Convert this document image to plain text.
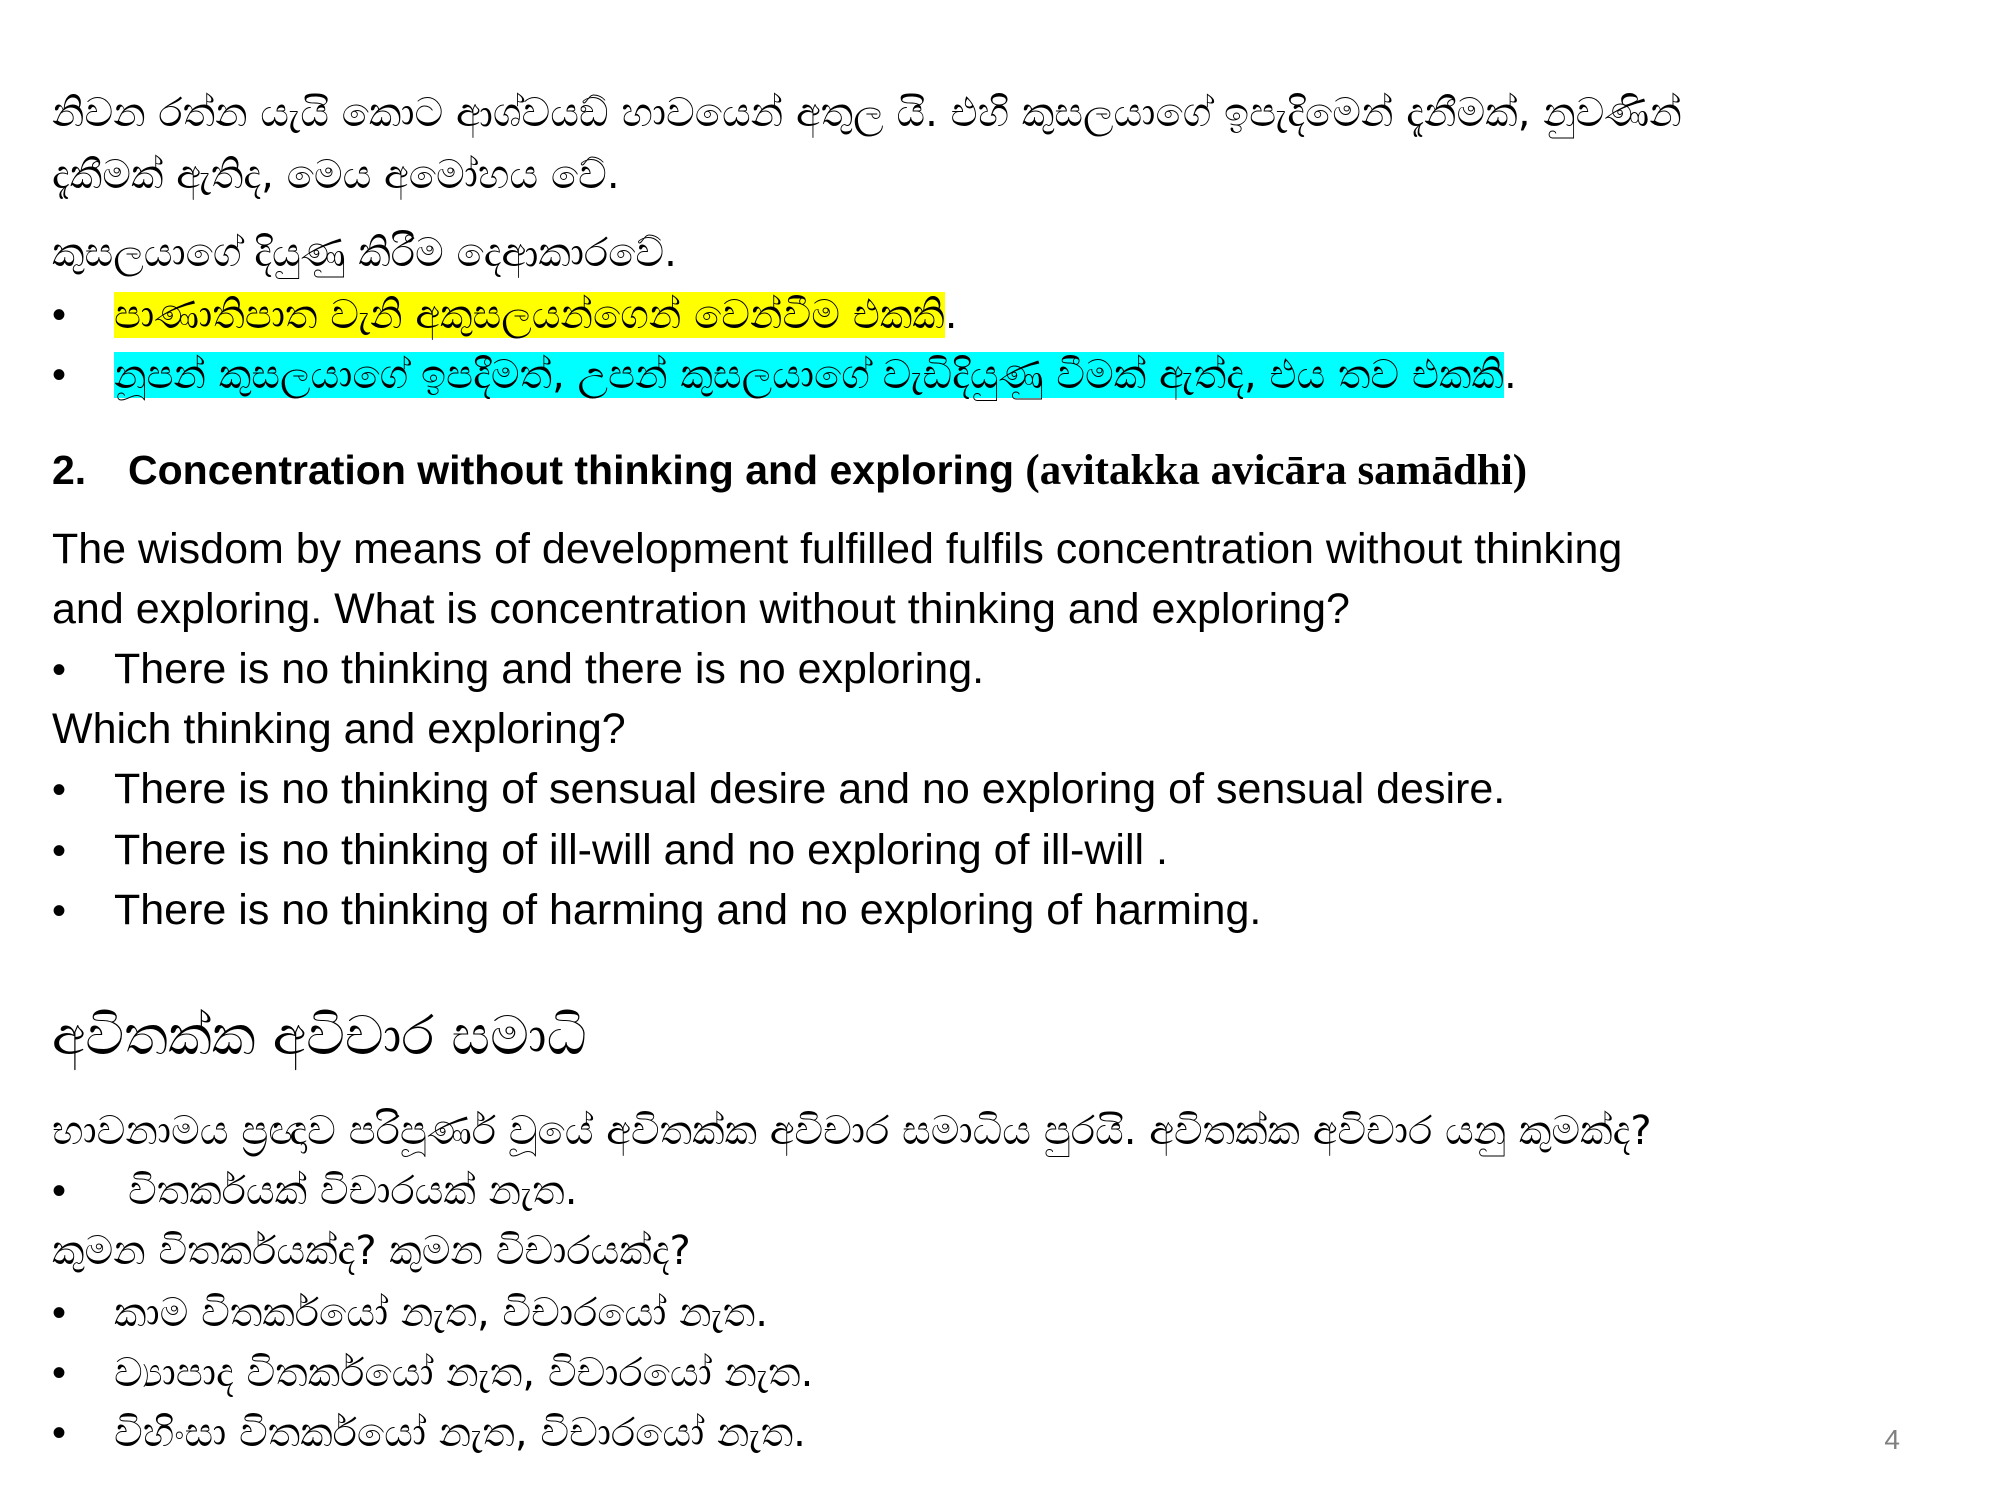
නිවන රත්න යැයි කොට ආශ්වයඞ් හාවයෙන් අතුල යි. එහි කුසලයාගේ ඉපැදිමෙන් දැනීමක්, නුවණින්
දැකීමක් ඇතිද, මෙය අමෝහය වේ.
කුසලයාගේ දියුණු කිරීම දෙආකාරවේ.
•	පාණාතිපාත වැනි අකුසලයන්ගෙන් වෙන්වීම එකකි.
•	නූපන් කුසලයාගේ ඉපදීමත්, උපන් කුසලයාගේ වැඩිදියුණු වීමක් ඇත්ද, එය තව එකකි.
2. Concentration without thinking and exploring (avitakka avicāra samādhi)
The wisdom by means of development fulfilled fulfils concentration without thinking
and exploring. What is concentration without thinking and exploring?
•	There is no thinking and there is no exploring.
Which thinking and exploring?
•	There is no thinking of sensual desire and no exploring of sensual desire.
•	There is no thinking of ill-will and no exploring of ill-will .
•	There is no thinking of harming and no exploring of harming.
අවිතක්ක අවිචාර සමාධි
භාවනාමය ප්‍රඥාව පරිපූර්ණ වූයේ අවිතක්ක අවිචාර සමාධිය පුරයි. අවිතක්ක අවිචාර යනු කුමක්ද?
•	විතර්කයක් විචාරයක් නැත.
කුමන විතර්කයක්ද? කුමන විචාරයක්ද?
•	කාම විතර්කයෝ නැත, විචාරයෝ නැත.
•	ව්‍යාපාද විතර්කයෝ නැත, විචාරයෝ නැත.
•	විහිංසා විතර්කයෝ නැත, විචාරයෝ නැත.	4
